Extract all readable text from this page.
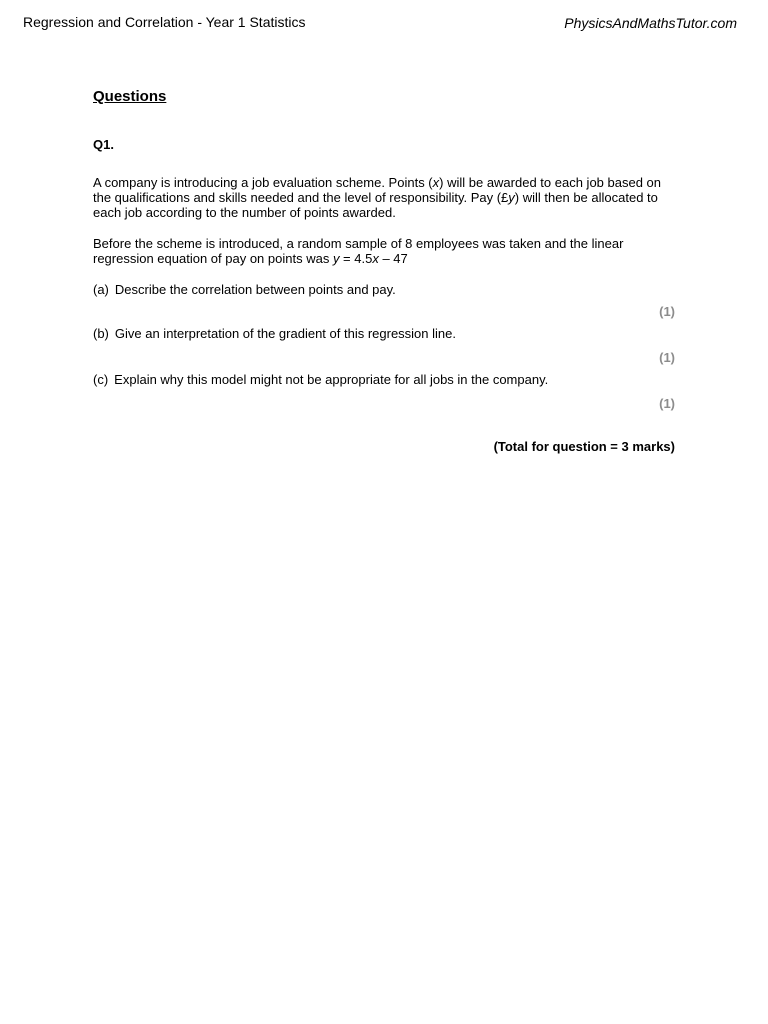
Regression and Correlation - Year 1 Statistics	PhysicsAndMathsTutor.com
Questions
Q1.
A company is introducing a job evaluation scheme. Points (x) will be awarded to each job based on the qualifications and skills needed and the level of responsibility. Pay (£y) will then be allocated to each job according to the number of points awarded.
Before the scheme is introduced, a random sample of 8 employees was taken and the linear regression equation of pay on points was y = 4.5x – 47
(a) Describe the correlation between points and pay.
(1)
(b) Give an interpretation of the gradient of this regression line.
(1)
(c) Explain why this model might not be appropriate for all jobs in the company.
(1)
(Total for question = 3 marks)
